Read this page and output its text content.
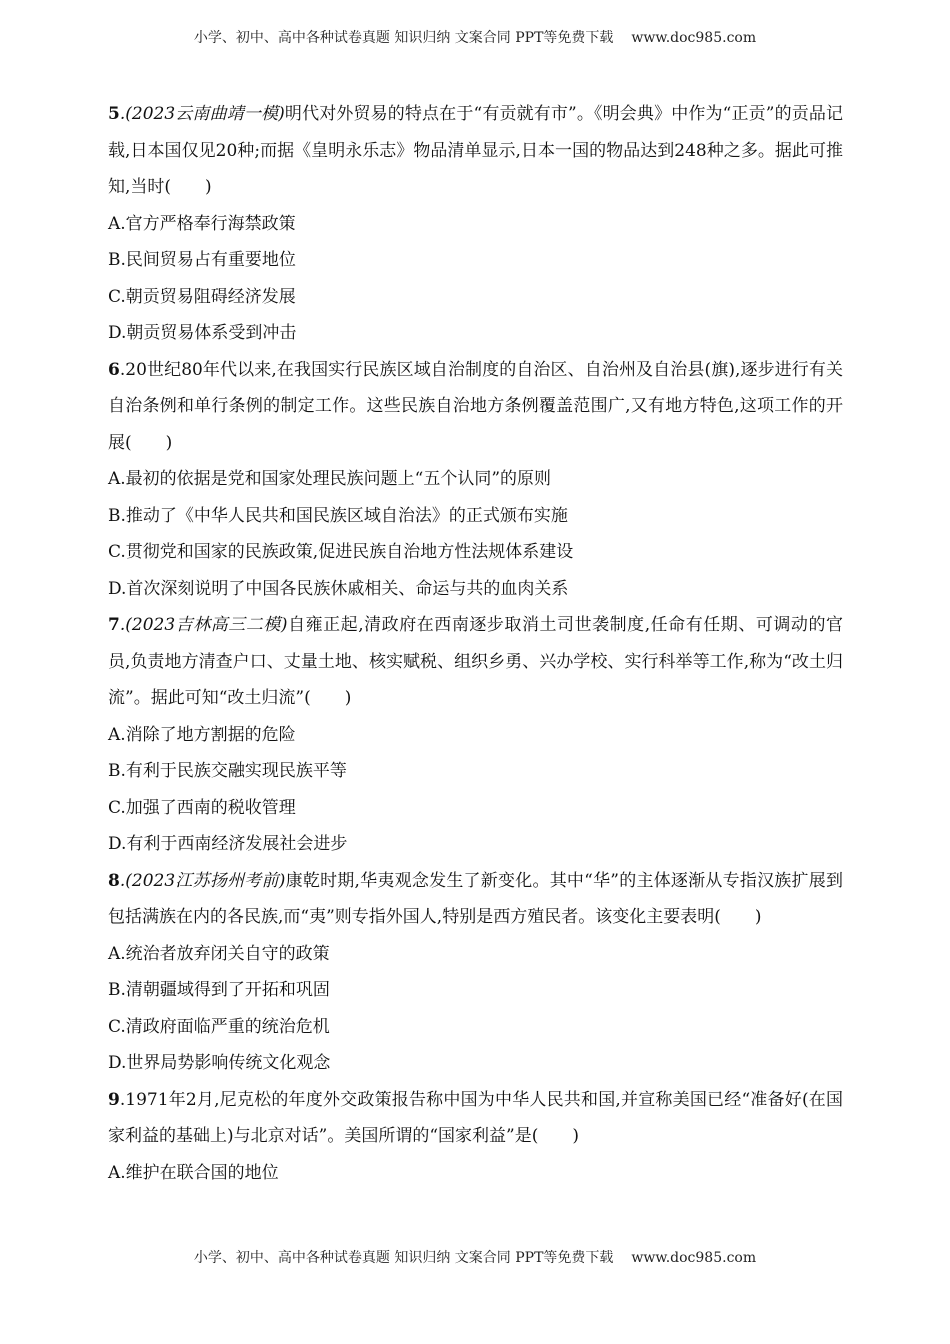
小学、初中、高中各种试卷真题 知识归纳 文案合同 PPT等免费下载 www.doc985.com
5.(2023云南曲靖一模)明代对外贸易的特点在于“有贡就有市”。《明会典》中作为“正贡”的贡品记载,日本国仅见20种;而据《皇明永乐志》物品清单显示,日本一国的物品达到248种之多。据此可推知,当时(　　)
A.官方严格奉行海禁政策
B.民间贸易占有重要地位
C.朝贡贸易阻碍经济发展
D.朝贡贸易体系受到冲击
6.20世纪80年代以来,在我国实行民族区域自治制度的自治区、自治州及自治县(旗),逐步进行有关自治条例和单行条例的制定工作。这些民族自治地方条例覆盖范围广,又有地方特色,这项工作的开展(　　)
A.最初的依据是党和国家处理民族问题上“五个认同”的原则
B.推动了《中华人民共和国民族区域自治法》的正式颁布实施
C.贯彻党和国家的民族政策,促进民族自治地方性法规体系建设
D.首次深刻说明了中国各民族休戚相关、命运与共的血肉关系
7.(2023吉林高三二模)自雍正起,清政府在西南逐步取消土司世袭制度,任命有任期、可调动的官员,负责地方清查户口、丈量土地、核实赋税、组织乡勇、兴办学校、实行科举等工作,称为“改土归流”。据此可知“改土归流”(　　)
A.消除了地方割据的危险
B.有利于民族交融实现民族平等
C.加强了西南的税收管理
D.有利于西南经济发展社会进步
8.(2023江苏扬州考前)康乾时期,华夷观念发生了新变化。其中“华”的主体逐渐从专指汉族扩展到包括满族在内的各民族,而“夷”则专指外国人,特别是西方殖民者。该变化主要表明(　　)
A.统治者放弃闭关自守的政策
B.清朝疆域得到了开拓和巩固
C.清政府面临严重的统治危机
D.世界局势影响传统文化观念
9.1971年2月,尼克松的年度外交政策报告称中国为中华人民共和国,并宣称美国已经“准备好(在国家利益的基础上)与北京对话”。美国所谓的“国家利益”是(　　)
A.维护在联合国的地位
小学、初中、高中各种试卷真题 知识归纳 文案合同 PPT等免费下载 www.doc985.com
